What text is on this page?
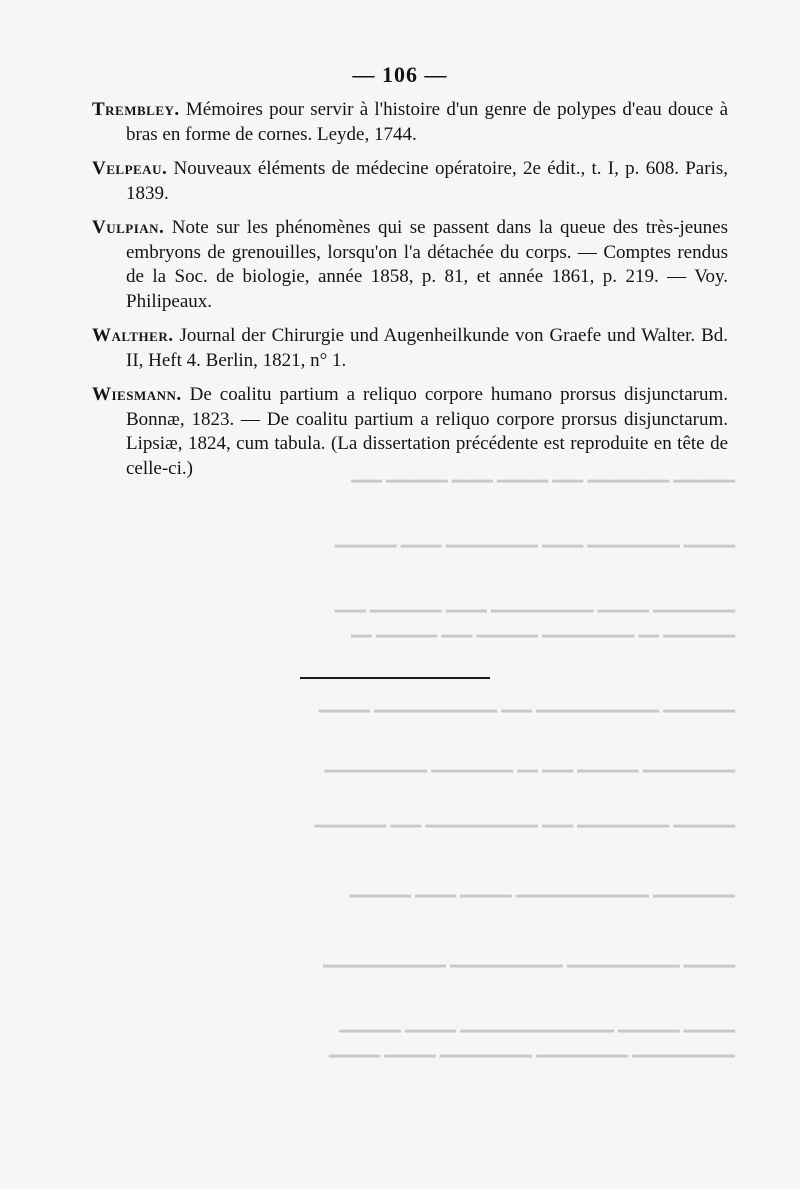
━━━━━━ ━━━━━━━━ ━━━ ━━━━━ ━━━━ ━━━━━━ ━━━
━━━━━ ━━━━━━━━━ ━━━━ ━━━━━━━━━ ━━━━ ━━━━━━
━━━━━━━━ ━━━━━ ━━━━━━━━━━ ━━━━ ━━━━━━━ ━━━
━━━━━━━ ━━ ━━━━━━━━━ ━━━━━━ ━━━ ━━━━━━ ━━
━━━━━━━ ━━━━━━━━━━━━ ━━━ ━━━━━━━━━━━━ ━━━━━
━━━━━━━━━ ━━━━━━ ━━━ ━━ ━━━━━━━━ ━━━━━━━━━━
━━━━━━ ━━━━━━━━━ ━━━ ━━━━━━━━━━━ ━━━ ━━━━━━━
━━━━━━━━ ━━━━━━━━━━━━━ ━━━━━ ━━━━ ━━━━━━
━━━━━ ━━━━━━━━━━━ ━━━━━━━━━━━ ━━━━━━━━━━━━
━━━━━ ━━━━━━ ━━━━━━━━━━━━━━━ ━━━━━ ━━━━━━
━━━━━━━━━━ ━━━━━━━━━ ━━━━━━━━━ ━━━━━ ━━━━━
— 106 —

Trembley. Mémoires pour servir à l'histoire d'un genre de polypes d'eau douce à bras en forme de cornes. Leyde, 1744.

Velpeau. Nouveaux éléments de médecine opératoire, 2e édit., t. I, p. 608. Paris, 1839.

Vulpian. Note sur les phénomènes qui se passent dans la queue des très-jeunes embryons de grenouilles, lorsqu'on l'a détachée du corps. — Comptes rendus de la Soc. de biologie, année 1858, p. 81, et année 1861, p. 219. — Voy. Philipeaux.

Walther. Journal der Chirurgie und Augenheilkunde von Graefe und Walter. Bd. II, Heft 4. Berlin, 1821, n° 1.

Wiesmann. De coalitu partium a reliquo corpore humano prorsus disjunctarum. Bonnæ, 1823. — De coalitu partium a reliquo corpore prorsus disjunctarum. Lipsiæ, 1824, cum tabula. (La dissertation précédente est reproduite en tête de celle-ci.)
